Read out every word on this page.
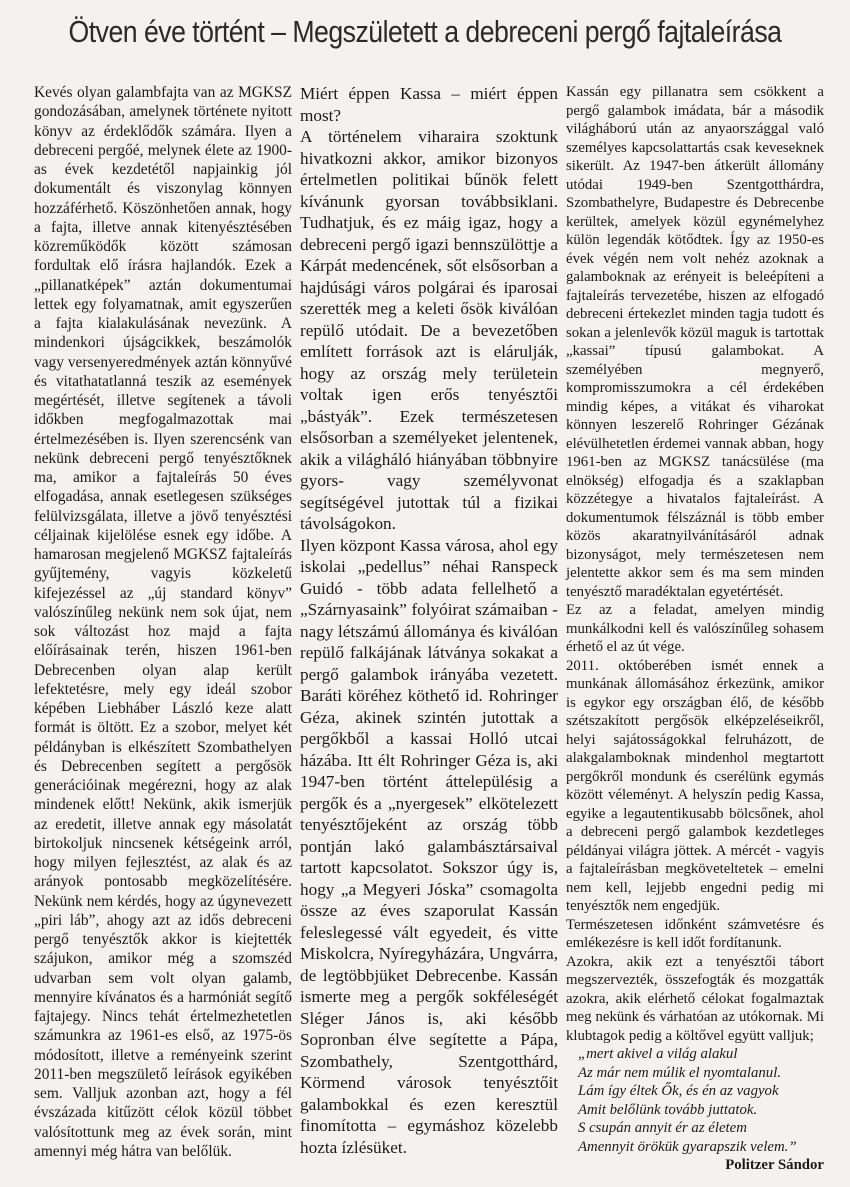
Ötven éve történt – Megszületett a debreceni pergő fajtaleírása

Kevés olyan galambfajta van az MGKSZ gondozásában, amelynek története nyitott könyv az érdeklődők számára. Ilyen a debreceni pergőé, melynek élete az 1900-as évek kezdetétől napjainkig jól dokumentált és viszonylag könnyen hozzáférhető. Köszönhetően annak, hogy a fajta, illetve annak kitenyésztésében közreműködők között számosan fordultak elő írásra hajlandók. Ezek a „pillanatképek” aztán dokumentumai lettek egy folyamatnak, amit egyszerűen a fajta kialakulásának nevezünk. A mindenkori újságcikkek, beszámolók vagy versenyeredmények aztán könnyűvé és vitathatatlanná teszik az események megértését, illetve segítenek a távoli időkben megfogalmazottak mai értelmezésében is. Ilyen szerencsénk van nekünk debreceni pergő tenyésztőknek ma, amikor a fajtaleírás 50 éves elfogadása, annak esetlegesen szükséges felülvizsgálata, illetve a jövő tenyésztési céljainak kijelölése esnek egy időbe. A hamarosan megjelenő MGKSZ fajtaleírás gyűjtemény, vagyis közkeletű kifejezéssel az „új standard könyv” valószínűleg nekünk nem sok újat, nem sok változást hoz majd a fajta előírásainak terén, hiszen 1961-ben Debrecenben olyan alap került lefektetésre, mely egy ideál szobor képében Liebháber László keze alatt formát is öltött. Ez a szobor, melyet két példányban is elkészített Szombathelyen és Debrecenben segített a pergősök generációinak megérezni, hogy az alak mindenek előtt! Nekünk, akik ismerjük az eredetit, illetve annak egy másolatát birtokoljuk nincsenek kétségeink arról, hogy milyen fejlesztést, az alak és az arányok pontosabb megközelítésére. Nekünk nem kérdés, hogy az úgynevezett „piri láb”, ahogy azt az idős debreceni pergő tenyésztők akkor is kiejtették szájukon, amikor még a szomszéd udvarban sem volt olyan galamb, mennyire kívánatos és a harmóniát segítő fajtajegy. Nincs tehát értelmezhetetlen számunkra az 1961-es első, az 1975-ös módosított, illetve a reményeink szerint 2011-ben megszülető leírások egyikében sem. Valljuk azonban azt, hogy a fél évszázada kitűzött célok közül többet valósítottunk meg az évek során, mint amennyi még hátra van belőlük.

Miért éppen Kassa – miért éppen most?

A történelem viharaira szoktunk hivatkozni akkor, amikor bizonyos értelmetlen politikai bűnök felett kívánunk gyorsan továbbsiklani. Tudhatjuk, és ez máig igaz, hogy a debreceni pergő igazi bennszülöttje a Kárpát medencének, sőt elsősorban a hajdúsági város polgárai és iparosai szerették meg a keleti ősök kiválóan repülő utódait. De a bevezetőben említett források azt is elárulják, hogy az ország mely területein voltak igen erős tenyésztői „bástyák”. Ezek természetesen elsősorban a személyeket jelentenek, akik a világháló hiányában többnyire gyors- vagy személyvonat segítségével jutottak túl a fizikai távolságokon.

Ilyen központ Kassa városa, ahol egy iskolai „pedellus” néhai Ranspeck Guidó - több adata fellelhető a „Szárnyasaink” folyóirat számaiban - nagy létszámú állománya és kiválóan repülő falkájának látványa sokakat a pergő galambok irányába vezetett. Baráti köréhez köthető id. Rohringer Géza, akinek szintén jutottak a pergőkből a kassai Holló utcai házába. Itt élt Rohringer Géza is, aki 1947-ben történt áttelepülésig a pergők és a „nyergesek” elkötelezett tenyésztőjeként az ország több pontján lakó galambásztársaival tartott kapcsolatot. Sokszor úgy is, hogy „a Megyeri Jóska” csomagolta össze az éves szaporulat Kassán feleslegessé vált egyedeit, és vitte Miskolcra, Nyíregyházára, Ungvárra, de legtöbbjüket Debrecenbe. Kassán ismerte meg a pergők sokféleségét Sléger János is, aki később Sopronban élve segítette a Pápa, Szombathely, Szentgotthárd, Körmend városok tenyésztőit galambokkal és ezen keresztül finomította – egymáshoz közelebb hozta ízlésüket.

Kassán egy pillanatra sem csökkent a pergő galambok imádata, bár a második világháború után az anyaországgal való személyes kapcsolattartás csak keveseknek sikerült. Az 1947-ben átkerült állomány utódai 1949-ben Szentgotthárdra, Szombathelyre, Budapestre és Debrecenbe kerültek, amelyek közül egynémelyhez külön legendák kötődtek. Így az 1950-es évek végén nem volt nehéz azoknak a galamboknak az erényeit is beleépíteni a fajtaleírás tervezetébe, hiszen az elfogadó debreceni értekezlet minden tagja tudott és sokan a jelenlevők közül maguk is tartottak „kassai” típusú galambokat. A személyében megnyerő, kompromisszumokra a cél érdekében mindig képes, a vitákat és viharokat könnyen leszerelő Rohringer Gézának elévülhetetlen érdemei vannak abban, hogy 1961-ben az MGKSZ tanácsülése (ma elnökség) elfogadja és a szaklapban közzétegye a hivatalos fajtaleírást. A dokumentumok félszáznál is több ember közös akaratnyilvánításáról adnak bizonyságot, mely természetesen nem jelentette akkor sem és ma sem minden tenyésztő maradéktalan egyetértését.

Ez az a feladat, amelyen mindig munkálkodni kell és valószínűleg sohasem érhető el az út vége.

2011. októberében ismét ennek a munkának állomásához érkezünk, amikor is egykor egy országban élő, de később szétszakított pergősök elképzeléseikről, helyi sajátosságokkal felruházott, de alakgalamboknak mindenhol megtartott pergőkről mondunk és cserélünk egymás között véleményt. A helyszín pedig Kassa, egyike a legautentikusabb bölcsőnek, ahol a debreceni pergő galambok kezdetleges példányai világra jöttek. A mércét - vagyis a fajtaleírásban megköveteltetek – emelni nem kell, lejjebb engedni pedig mi tenyésztők nem engedjük.

Természetesen időnként számvetésre és emlékezésre is kell időt fordítanunk.

Azokra, akik ezt a tenyésztői tábort megszervezték, összefogták és mozgatták azokra, akik elérhető célokat fogalmaztak meg nekünk és várhatóan az utókornak. Mi klubtagok pedig a költővel együtt valljuk;

„mert akivel a világ alakul
Az már nem múlik el nyomtalanul.
Lám így éltek Ők, és én az vagyok
Amit belőlünk tovább juttatok.
S csupán annyit ér az életem
Amennyit örökük gyarapszik velem.”

Politzer Sándor
